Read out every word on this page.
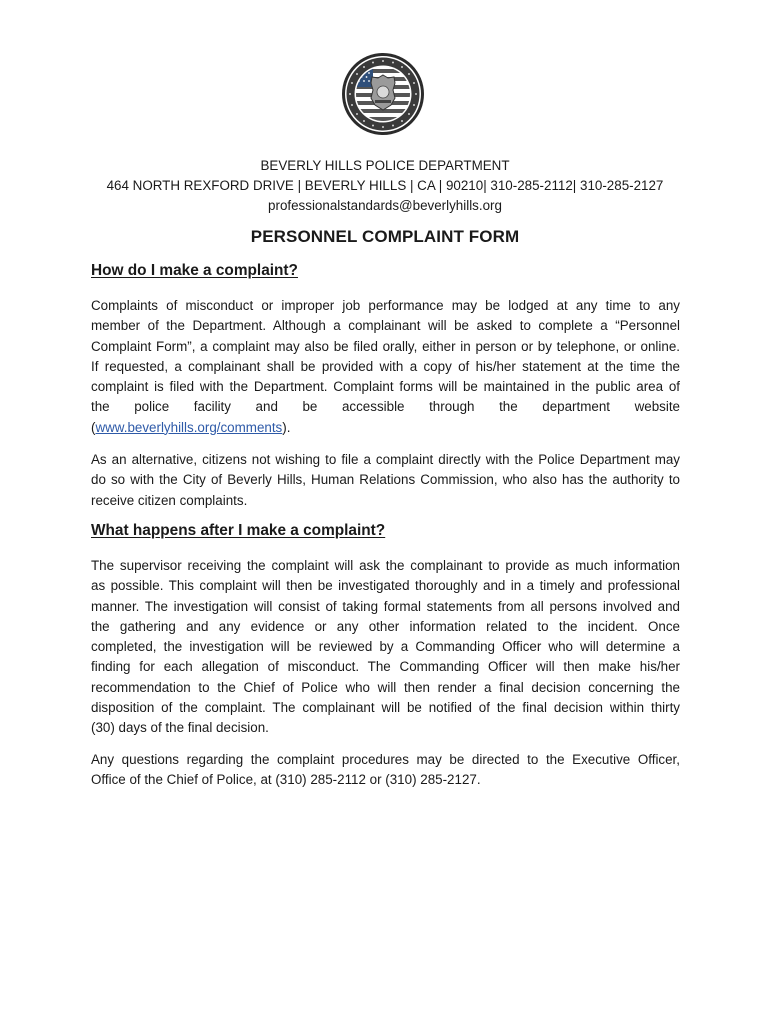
BEVERLY HILLS POLICE DEPARTMENT
464 NORTH REXFORD DRIVE | BEVERLY HILLS | CA | 90210| 310-285-2112| 310-285-2127
professionalstandards@beverlyhills.org
PERSONNEL COMPLAINT FORM
How do I make a complaint?
Complaints of misconduct or improper job performance may be lodged at any time to any
member of the Department. Although a complainant will be asked to complete a “Personnel
Complaint Form”, a complaint may also be filed orally, either in person or by telephone, or online.
If requested, a complainant shall be provided with a copy of his/her statement at the time the
complaint is filed with the Department. Complaint forms will be maintained in the public area of
the police facility and be accessible through the department website
(www.beverlyhills.org/comments).
As an alternative, citizens not wishing to file a complaint directly with the Police Department may
do so with the City of Beverly Hills, Human Relations Commission, who also has the authority to
receive citizen complaints.
What happens after I make a complaint?
The supervisor receiving the complaint will ask the complainant to provide as much information
as possible. This complaint will then be investigated thoroughly and in a timely and professional
manner. The investigation will consist of taking formal statements from all persons involved and
the gathering and any evidence or any other information related to the incident. Once
completed, the investigation will be reviewed by a Commanding Officer who will determine a
finding for each allegation of misconduct. The Commanding Officer will then make his/her
recommendation to the Chief of Police who will then render a final decision concerning the
disposition of the complaint. The complainant will be notified of the final decision within thirty
(30) days of the final decision.
Any questions regarding the complaint procedures may be directed to the Executive Officer,
Office of the Chief of Police, at (310) 285-2112 or (310) 285-2127.
